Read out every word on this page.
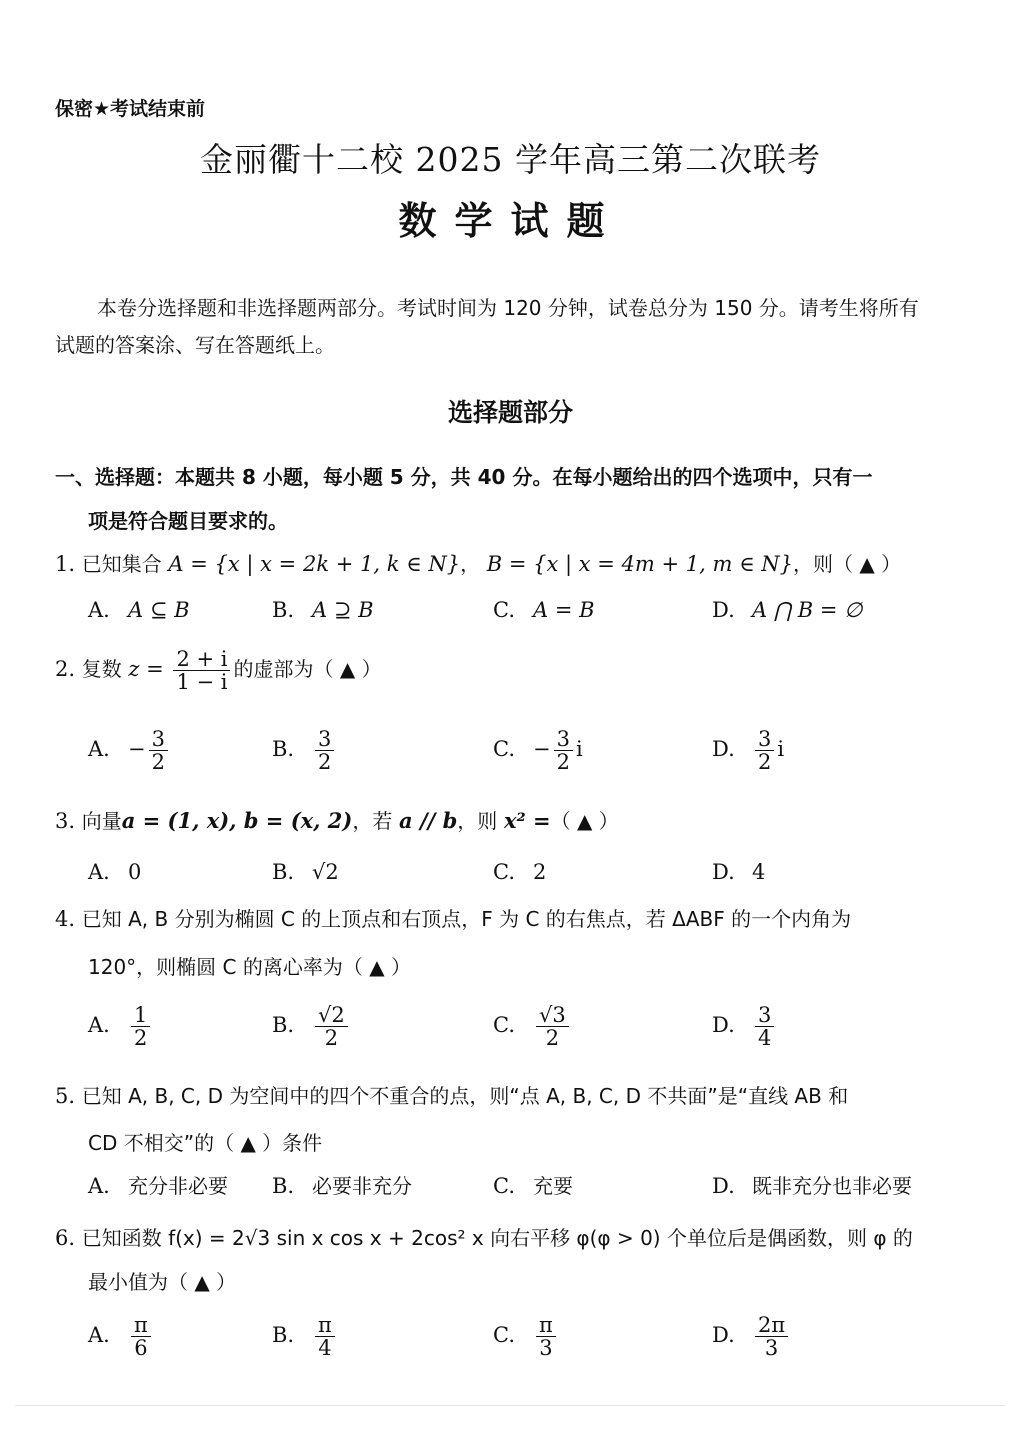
保密★考试结束前
金丽衢十二校 2025 学年高三第二次联考
数学试题
本卷分选择题和非选择题两部分。考试时间为 120 分钟，试卷总分为 150 分。请考生将所有试题的答案涂、写在答题纸上。
选择题部分
一、选择题：本题共 8 小题，每小题 5 分，共 40 分。在每小题给出的四个选项中，只有一
项是符合题目要求的。
1. 已知集合 A = {x | x = 2k + 1, k ∈ N}， B = {x | x = 4m + 1, m ∈ N}，则（ ▲ ）
A. A ⊆ B	B. A ⊇ B	C. A = B	D. A ⋂ B = ∅
2. 复数 $z = \frac{2 + i}{1 - i}$ 的虚部为（ ▲ ）
A. − $\frac{3}{2}$	B. $\frac{3}{2}$	C. − $\frac{3}{2}$ i	D. $\frac{3}{2}$ i
3. 向量a = (1, x), b = (x, 2)，若 a // b，则 x² =（ ▲ ）
A. 0	B. √2	C. 2	D. 4
4. 已知 A, B 分别为椭圆 C 的上顶点和右顶点，F 为 C 的右焦点，若 ΔABF 的一个内角为
120°，则椭圆 C 的离心率为（ ▲ ）
A. $\frac{1}{2}$	B. $\frac{√2}{2}$	C. $\frac{√3}{2}$	D. $\frac{3}{4}$
5. 已知 A, B, C, D 为空间中的四个不重合的点，则“点 A, B, C, D 不共面”是“直线 AB 和
CD 不相交”的（ ▲ ）条件
A. 充分非必要 B. 必要非充分	C. 充要	D. 既非充分也非必要
6. 已知函数 f(x) = 2√3 sin x cos x + 2cos² x 向右平移 φ(φ > 0) 个单位后是偶函数，则 φ 的
最小值为（ ▲ ）
A. $\frac{\pi}{6}$	B. $\frac{\pi}{4}$	C. $\frac{\pi}{3}$	D. $\frac{2\pi}{3}$
